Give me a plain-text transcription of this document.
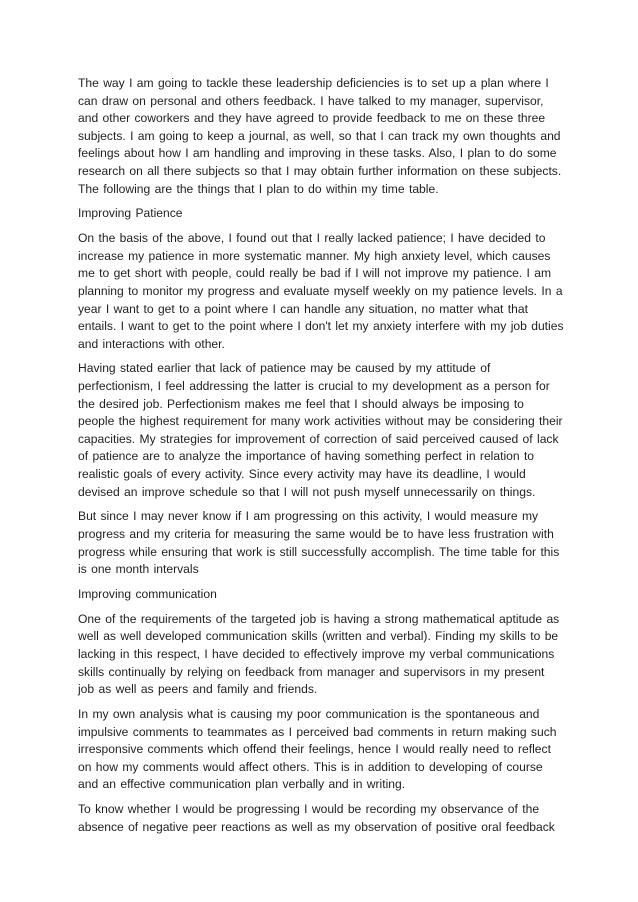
The way I am going to tackle these leadership deficiencies is to set up a plan where I can draw on personal and others feedback. I have talked to my manager, supervisor, and other coworkers and they have agreed to provide feedback to me on these three subjects. I am going to keep a journal, as well, so that I can track my own thoughts and feelings about how I am handling and improving in these tasks. Also, I plan to do some research on all there subjects so that I may obtain further information on these subjects. The following are the things that I plan to do within my time table.

Improving Patience

On the basis of the above, I found out that I really lacked patience; I have decided to increase my patience in more systematic manner. My high anxiety level, which causes me to get short with people, could really be bad if I will not improve my patience. I am planning to monitor my progress and evaluate myself weekly on my patience levels. In a year I want to get to a point where I can handle any situation, no matter what that entails. I want to get to the point where I don't let my anxiety interfere with my job duties and interactions with other.

Having stated earlier that lack of patience may be caused by my attitude of perfectionism, I feel addressing the latter is crucial to my development as a person for the desired job. Perfectionism makes me feel that I should always be imposing to people the highest requirement for many work activities without may be considering their capacities. My strategies for improvement of correction of said perceived caused of lack of patience are to analyze the importance of having something perfect in relation to realistic goals of every activity. Since every activity may have its deadline, I would devised an improve schedule so that I will not push myself unnecessarily on things.

But since I may never know if I am progressing on this activity, I would measure my progress and my criteria for measuring the same would be to have less frustration with progress while ensuring that work is still successfully accomplish. The time table for this is one month intervals

Improving communication

One of the requirements of the targeted job is having a strong mathematical aptitude as well as well developed communication skills (written and verbal). Finding my skills to be lacking in this respect, I have decided to effectively improve my verbal communications skills continually by relying on feedback from manager and supervisors in my present job as well as peers and family and friends.

In my own analysis what is causing my poor communication is the spontaneous and impulsive comments to teammates as I perceived bad comments in return making such irresponsive comments which offend their feelings, hence I would really need to reflect on how my comments would affect others. This is in addition to developing of course and an effective communication plan verbally and in writing.

To know whether I would be progressing I would be recording my observance of the absence of negative peer reactions as well as my observation of positive oral feedback
